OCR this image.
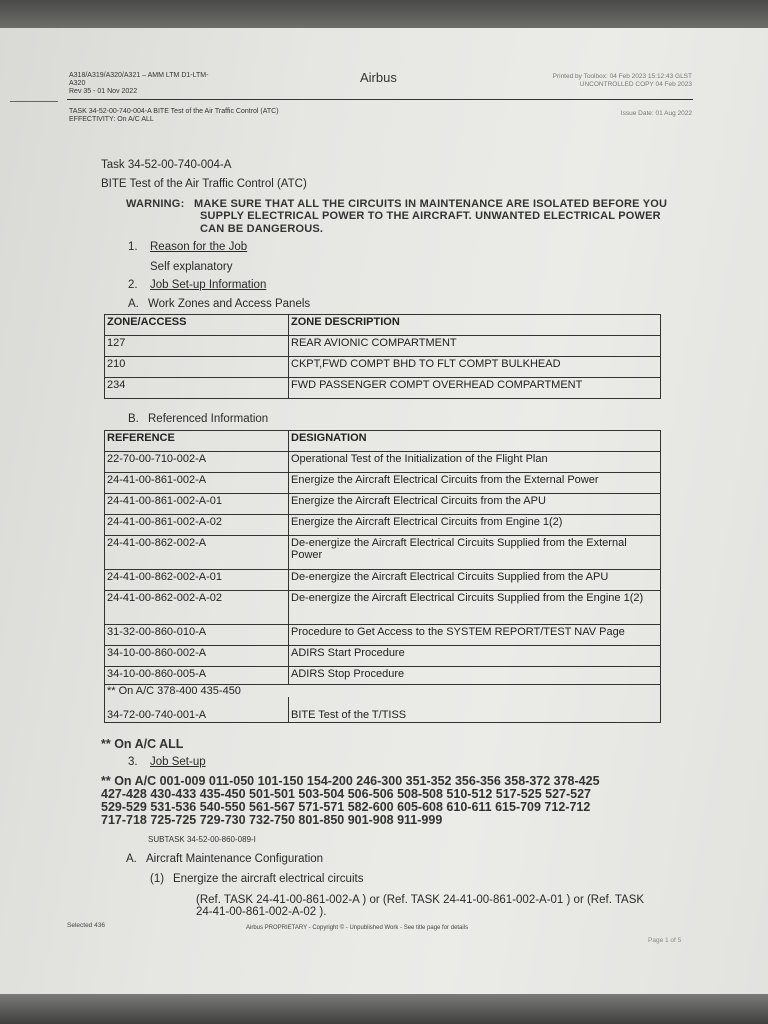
A318/A319/A320/A321 – AMM LTM D1-LTM-
A320
Rev 35 - 01 Nov 2022
Airbus	Printed by Toolbox: 04 Feb 2023 15:12:43 GLST
UNCONTROLLED COPY 04 Feb 2023
TASK 34-52-00-740-004-A BITE Test of the Air Traffic Control (ATC)
EFFECTIVITY: On A/C ALL
Issue Date: 01 Aug 2022
Task 34-52-00-740-004-A
BITE Test of the Air Traffic Control (ATC)
WARNING: MAKE SURE THAT ALL THE CIRCUITS IN MAINTENANCE ARE ISOLATED BEFORE YOU
SUPPLY ELECTRICAL POWER TO THE AIRCRAFT. UNWANTED ELECTRICAL POWER
CAN BE DANGEROUS.
1. Reason for the Job
Self explanatory
2. Job Set-up Information
A. Work Zones and Access Panels
ZONE/ACCESS	ZONE DESCRIPTION
127	REAR AVIONIC COMPARTMENT
210	CKPT,FWD COMPT BHD TO FLT COMPT BULKHEAD
234	FWD PASSENGER COMPT OVERHEAD COMPARTMENT
B. Referenced Information
REFERENCE	DESIGNATION
22-70-00-710-002-A	Operational Test of the Initialization of the Flight Plan
24-41-00-861-002-A	Energize the Aircraft Electrical Circuits from the External Power
24-41-00-861-002-A-01	Energize the Aircraft Electrical Circuits from the APU
24-41-00-861-002-A-02	Energize the Aircraft Electrical Circuits from Engine 1(2)
24-41-00-862-002-A	De-energize the Aircraft Electrical Circuits Supplied from the External Power
24-41-00-862-002-A-01	De-energize the Aircraft Electrical Circuits Supplied from the APU
24-41-00-862-002-A-02	De-energize the Aircraft Electrical Circuits Supplied from the Engine 1(2)
31-32-00-860-010-A	Procedure to Get Access to the SYSTEM REPORT/TEST NAV Page
34-10-00-860-002-A	ADIRS Start Procedure
34-10-00-860-005-A	ADIRS Stop Procedure
** On A/C 378-400 435-450	
34-72-00-740-001-A	BITE Test of the T/TISS
** On A/C ALL
3. Job Set-up
** On A/C 001-009 011-050 101-150 154-200 246-300 351-352 356-356 358-372 378-425
427-428 430-433 435-450 501-501 503-504 506-506 508-508 510-512 517-525 527-527
529-529 531-536 540-550 561-567 571-571 582-600 605-608 610-611 615-709 712-712
717-718 725-725 729-730 732-750 801-850 901-908 911-999
SUBTASK 34-52-00-860-089-I
A. Aircraft Maintenance Configuration
(1) Energize the aircraft electrical circuits
(Ref. TASK 24-41-00-861-002-A ) or (Ref. TASK 24-41-00-861-002-A-01 ) or (Ref. TASK
24-41-00-861-002-A-02 ).
Selected 436	Airbus PROPRIETARY - Copyright © - Unpublished Work - See title page for details
Page 1 of 5
